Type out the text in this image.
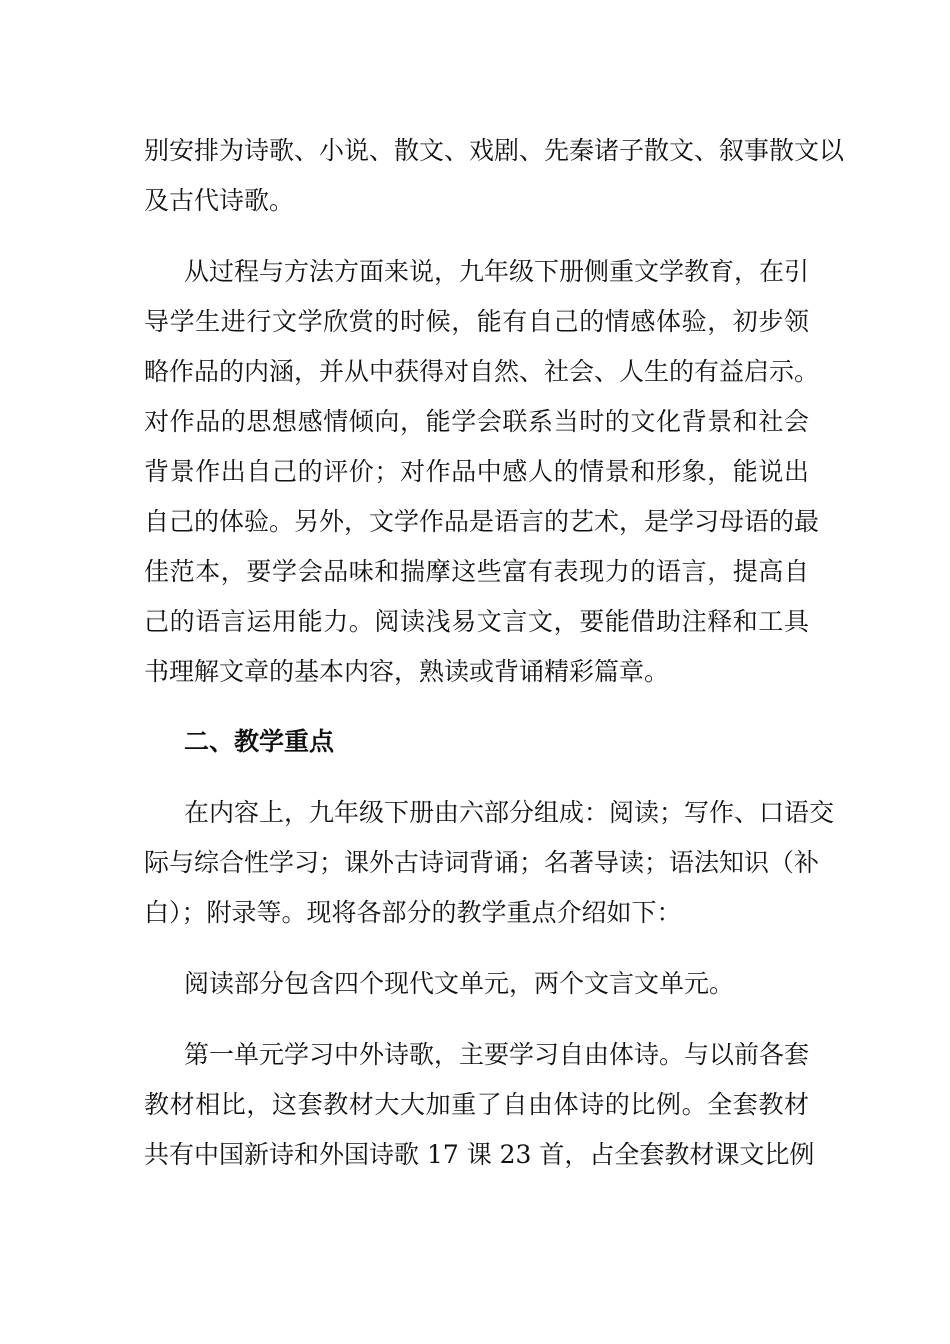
别安排为诗歌、小说、散文、戏剧、先秦诸子散文、叙事散文以
及古代诗歌。
从过程与方法方面来说，九年级下册侧重文学教育，在引
导学生进行文学欣赏的时候，能有自己的情感体验，初步领
略作品的内涵，并从中获得对自然、社会、人生的有益启示。
对作品的思想感情倾向，能学会联系当时的文化背景和社会
背景作出自己的评价；对作品中感人的情景和形象，能说出
自己的体验。另外，文学作品是语言的艺术，是学习母语的最
佳范本，要学会品味和揣摩这些富有表现力的语言，提高自
己的语言运用能力。阅读浅易文言文，要能借助注释和工具
书理解文章的基本内容，熟读或背诵精彩篇章。
二、教学重点
在内容上，九年级下册由六部分组成：阅读；写作、口语交
际与综合性学习；课外古诗词背诵；名著导读；语法知识（补
白）；附录等。现将各部分的教学重点介绍如下：
阅读部分包含四个现代文单元，两个文言文单元。
第一单元学习中外诗歌，主要学习自由体诗。与以前各套
教材相比，这套教材大大加重了自由体诗的比例。全套教材
共有中国新诗和外国诗歌 17 课 23 首，占全套教材课文比例
